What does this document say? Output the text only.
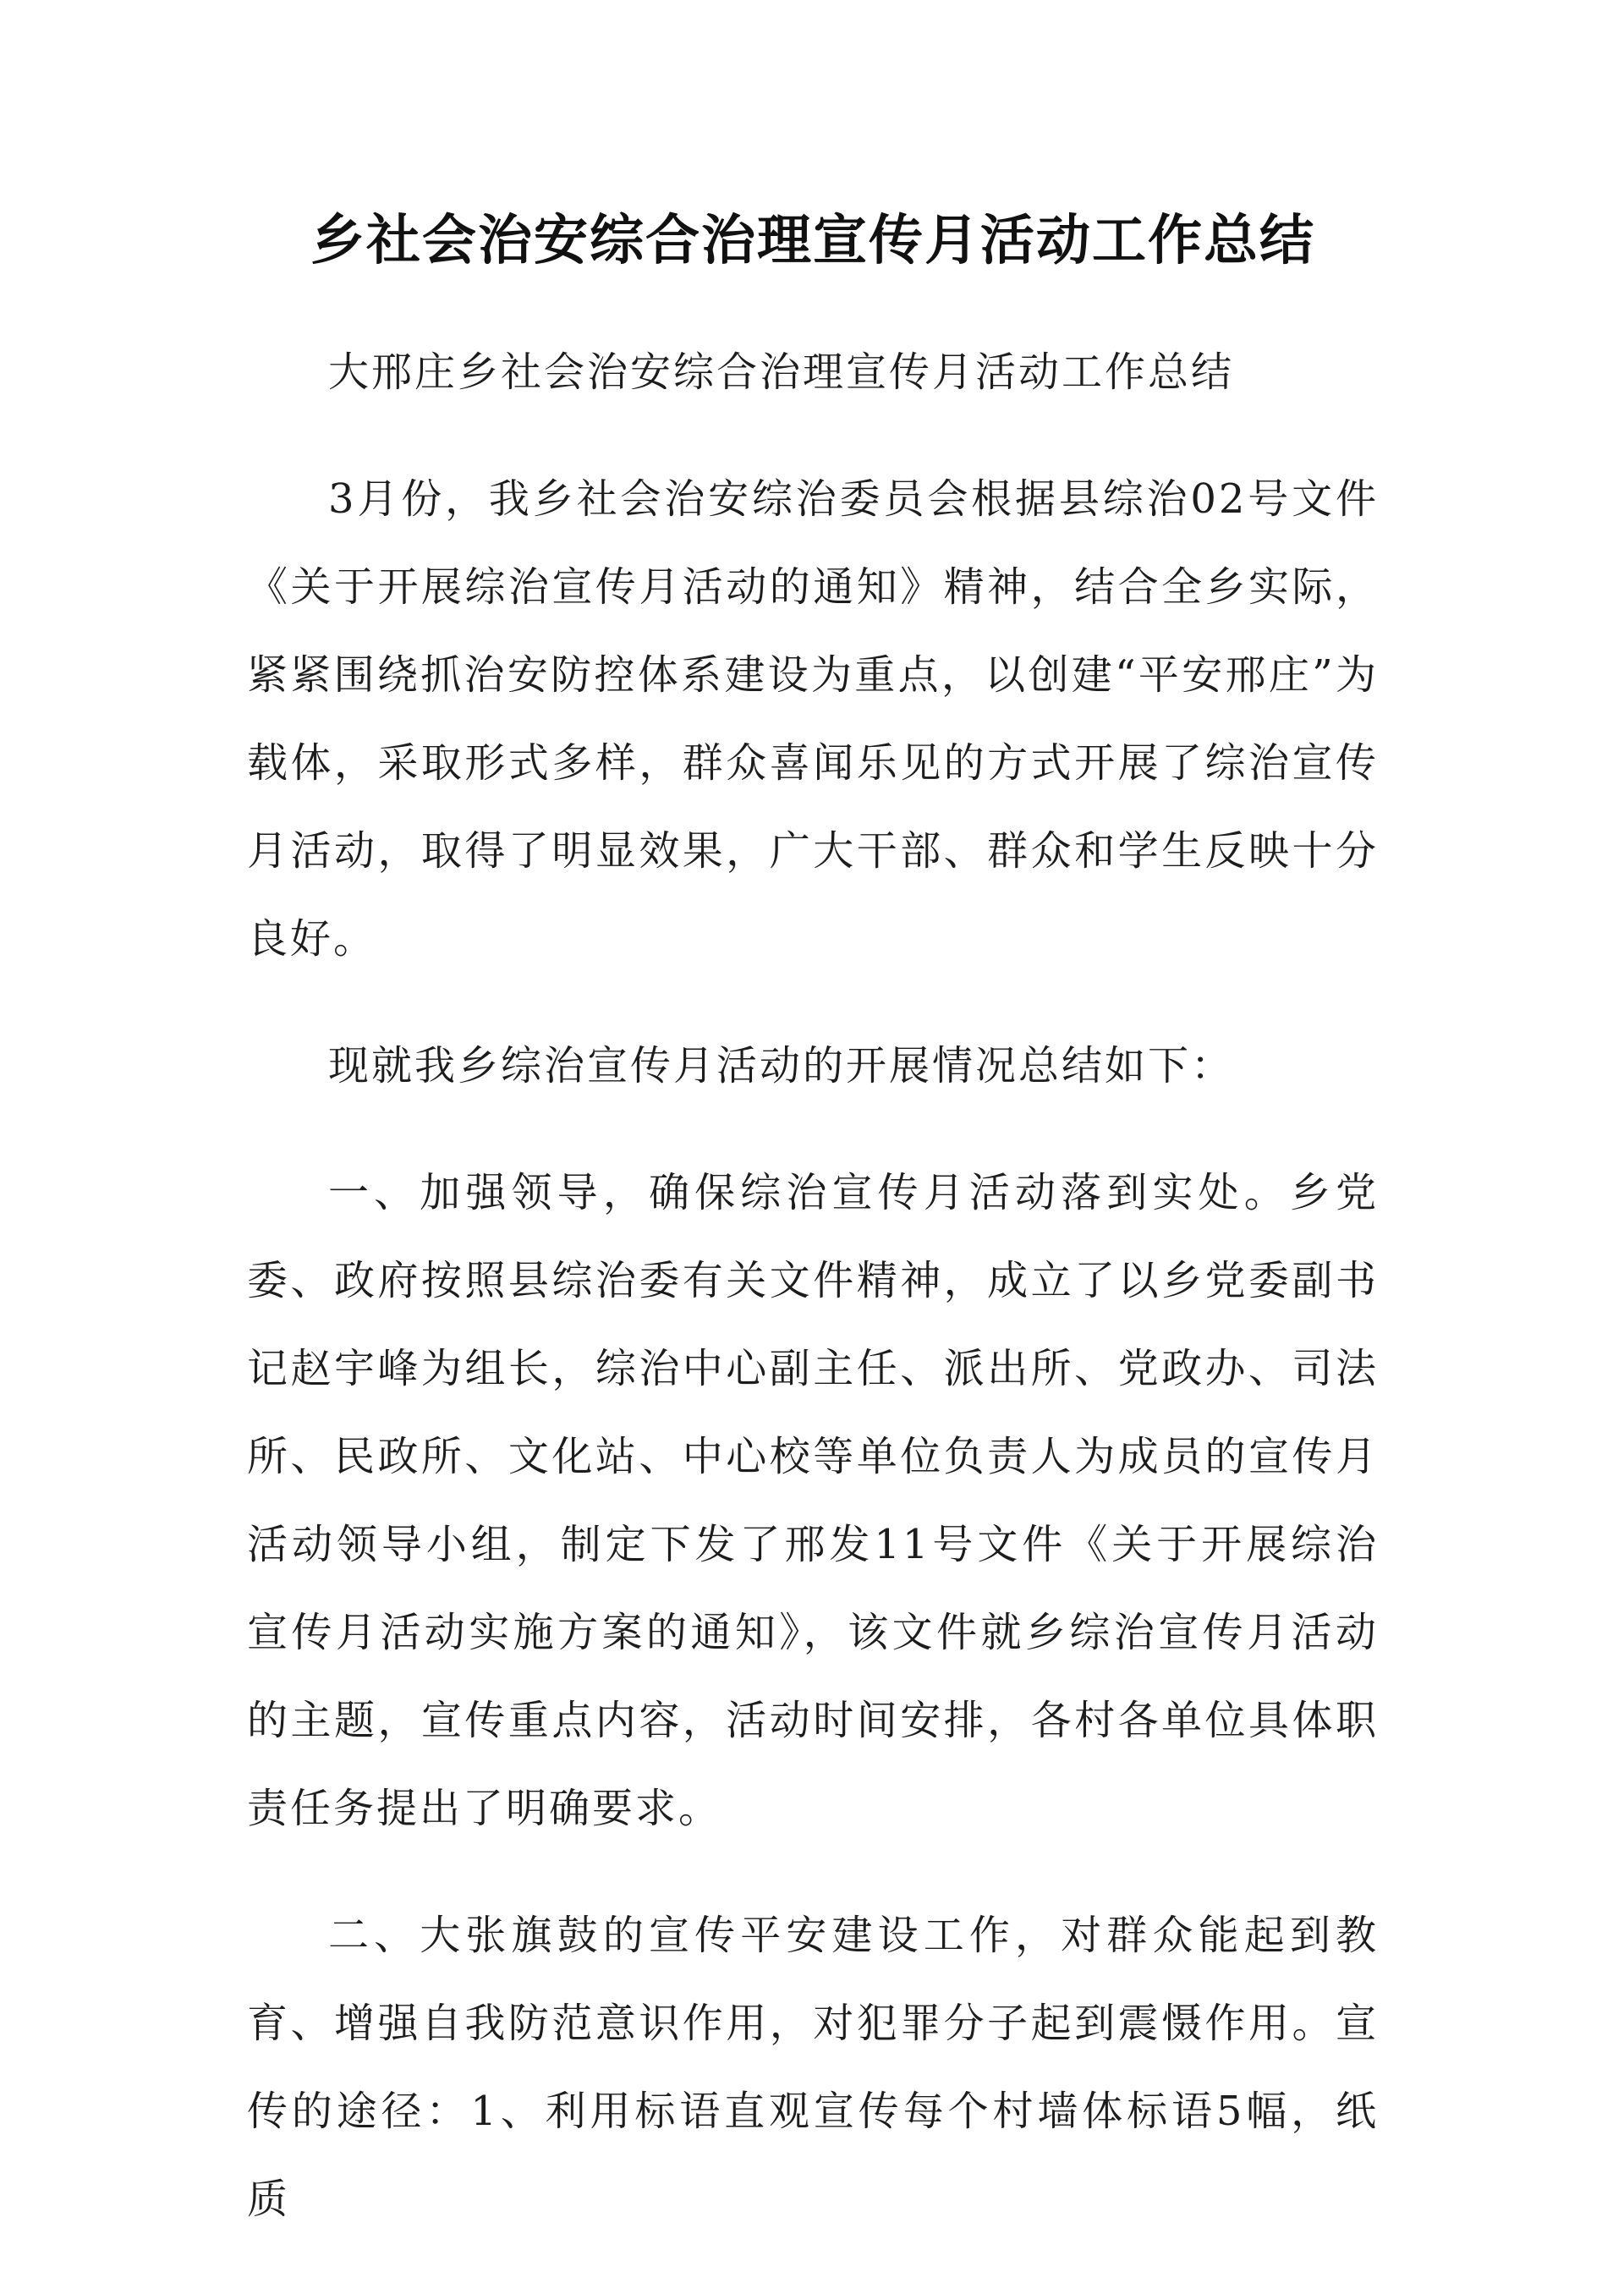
乡社会治安综合治理宣传月活动工作总结

大邢庄乡社会治安综合治理宣传月活动工作总结

3月份，我乡社会治安综治委员会根据县综治02号文件《关于开展综治宣传月活动的通知》精神，结合全乡实际，紧紧围绕抓治安防控体系建设为重点，以创建“平安邢庄”为载体，采取形式多样，群众喜闻乐见的方式开展了综治宣传月活动，取得了明显效果，广大干部、群众和学生反映十分良好。

现就我乡综治宣传月活动的开展情况总结如下：

一、加强领导，确保综治宣传月活动落到实处。乡党委、政府按照县综治委有关文件精神，成立了以乡党委副书记赵宇峰为组长，综治中心副主任、派出所、党政办、司法所、民政所、文化站、中心校等单位负责人为成员的宣传月活动领导小组，制定下发了邢发11号文件《关于开展综治宣传月活动实施方案的通知》，该文件就乡综治宣传月活动的主题，宣传重点内容，活动时间安排，各村各单位具体职责任务提出了明确要求。

二、大张旗鼓的宣传平安建设工作，对群众能起到教育、增强自我防范意识作用，对犯罪分子起到震慑作用。宣传的途径：1、利用标语直观宣传每个村墙体标语5幅，纸质
